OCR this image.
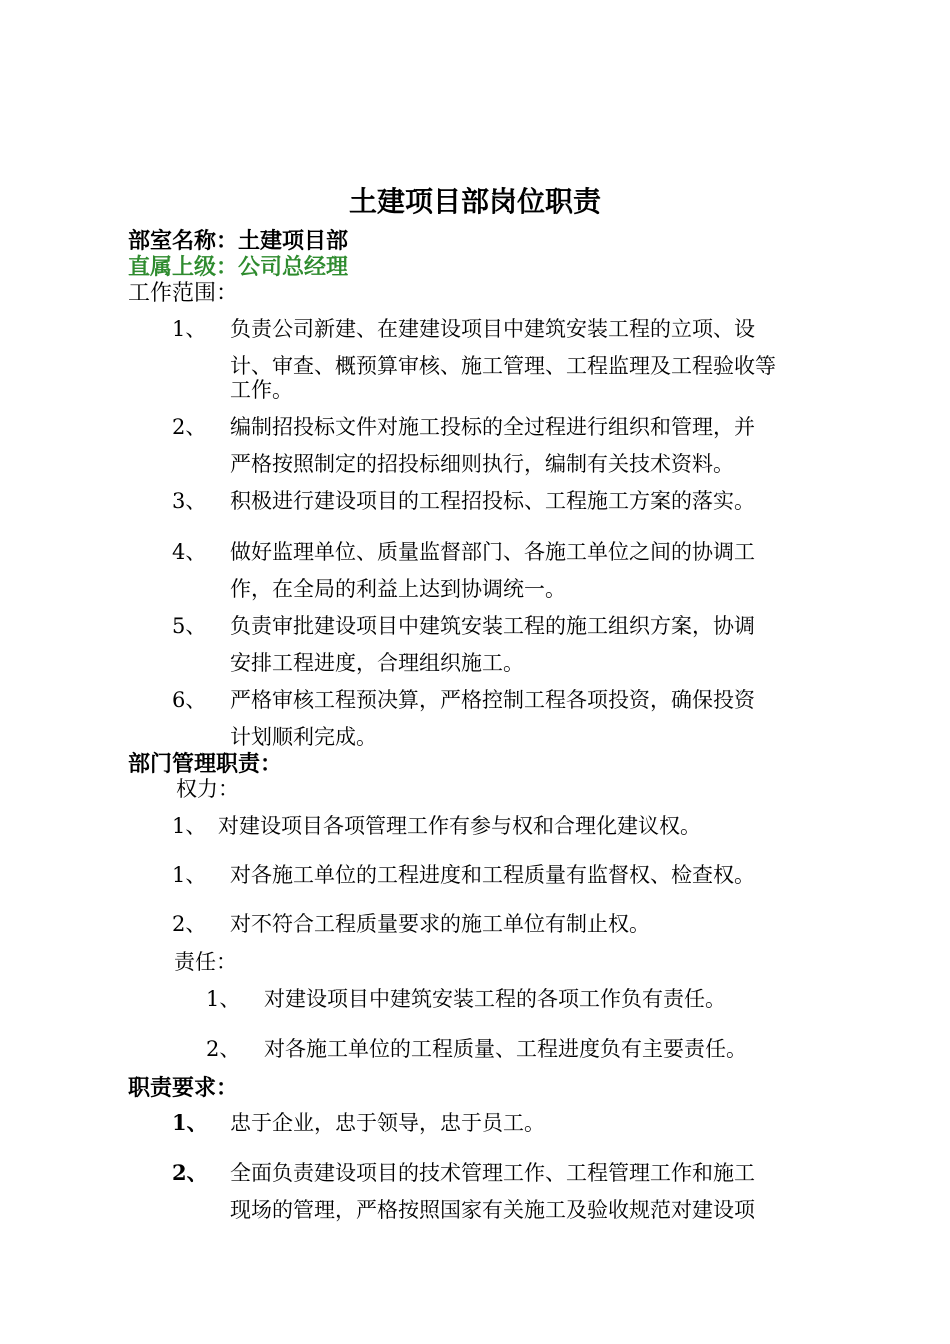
土建项目部岗位职责
部室名称：土建项目部
直属上级：公司总经理
工作范围：
1、 负责公司新建、在建建设项目中建筑安装工程的立项、设
计、审查、概预算审核、施工管理、工程监理及工程验收等
工作。
2、 编制招投标文件对施工投标的全过程进行组织和管理，并
严格按照制定的招投标细则执行，编制有关技术资料。
3、 积极进行建设项目的工程招投标、工程施工方案的落实。
4、 做好监理单位、质量监督部门、各施工单位之间的协调工
作，在全局的利益上达到协调统一。
5、 负责审批建设项目中建筑安装工程的施工组织方案，协调
安排工程进度，合理组织施工。
6、 严格审核工程预决算，严格控制工程各项投资，确保投资
计划顺利完成。
部门管理职责：
权力：
1、 对建设项目各项管理工作有参与权和合理化建议权。
1、 对各施工单位的工程进度和工程质量有监督权、检查权。
2、 对不符合工程质量要求的施工单位有制止权。
责任：
1、 对建设项目中建筑安装工程的各项工作负有责任。
2、 对各施工单位的工程质量、工程进度负有主要责任。
职责要求：
1、 忠于企业，忠于领导，忠于员工。
2、 全面负责建设项目的技术管理工作、工程管理工作和施工
现场的管理，严格按照国家有关施工及验收规范对建设项
